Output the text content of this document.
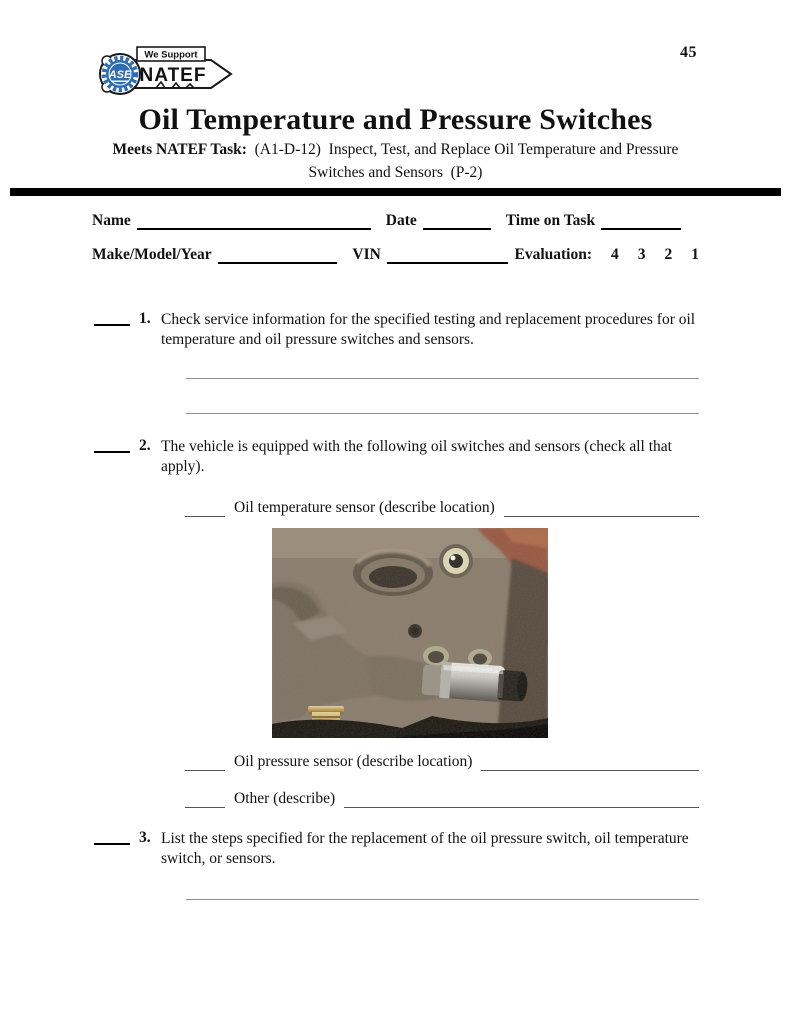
45
ASE
We Support
NATEF
Oil Temperature and Pressure Switches
Meets NATEF Task:  (A1-D-12)  Inspect, Test, and Replace Oil Temperature and Pressure
Switches and Sensors  (P-2)
Name	Date	Time on Task
Make/Model/Year	VIN	Evaluation: 4 3 2 1
1. Check service information for the specified testing and replacement procedures for oil temperature and oil pressure switches and sensors.
2. The vehicle is equipped with the following oil switches and sensors (check all that apply).
Oil temperature sensor (describe location)
Oil pressure sensor (describe location)
Other (describe)
3. List the steps specified for the replacement of the oil pressure switch, oil temperature switch, or sensors.
